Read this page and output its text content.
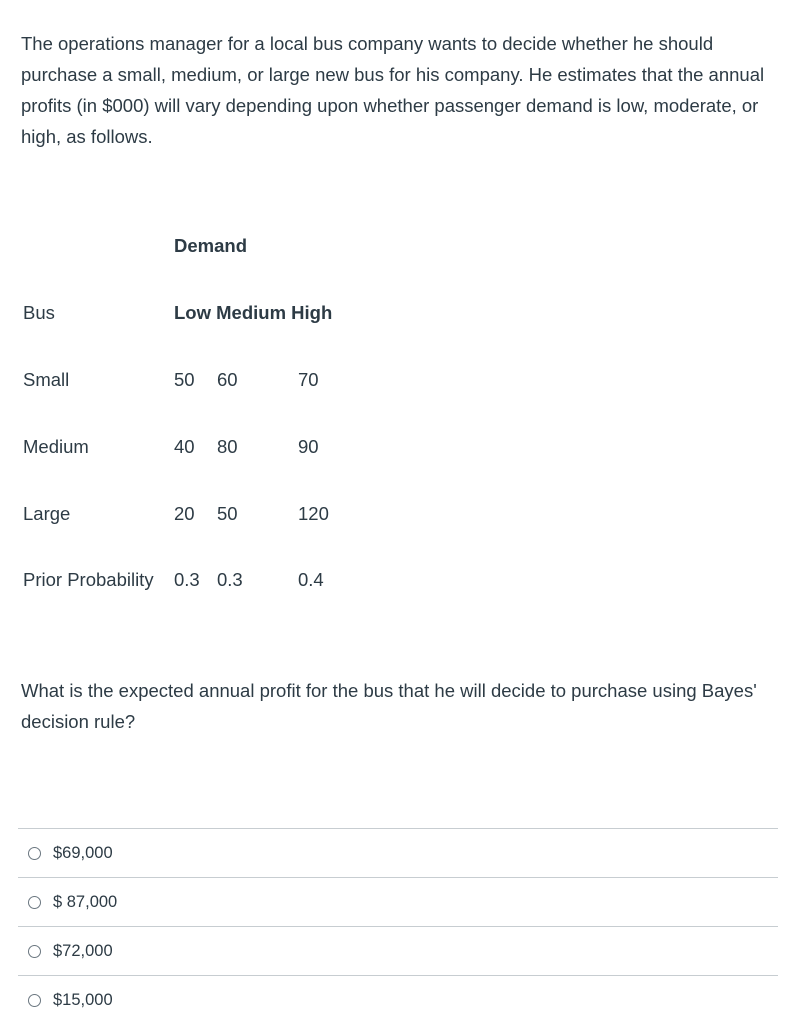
The operations manager for a local bus company wants to decide whether he should purchase a small, medium, or large new bus for his company. He estimates that the annual profits (in $000) will vary depending upon whether passenger demand is low, moderate, or high, as follows.

Demand
Bus	Low Medium High
Small	50 60	70
Medium	40 80	90
Large	20 50	120
Prior Probability 0.3 0.3	0.4

What is the expected annual profit for the bus that he will decide to purchase using Bayes' decision rule?

$69,000
$ 87,000
$72,000
$15,000
